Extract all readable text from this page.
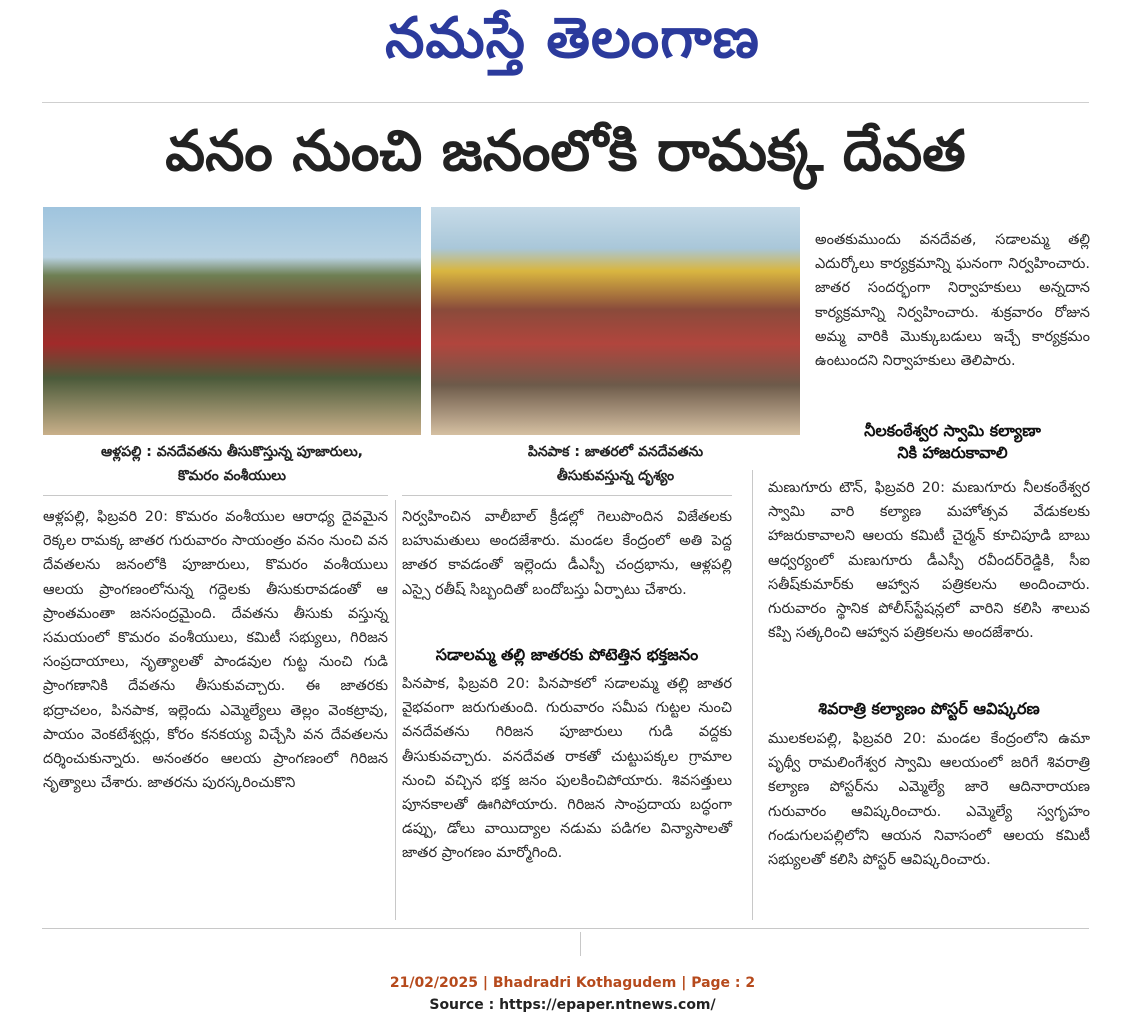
నమస్తే తెలంగాణ
వనం నుంచి జనంలోకి రామక్క దేవత
ఆళ్లపల్లి : వనదేవతను తీసుకొస్తున్న పూజారులు,
కొమరం వంశీయులు
పినపాక : జాతరలో వనదేవతను
తీసుకువస్తున్న దృశ్యం
ఆళ్లపల్లి, ఫిబ్రవరి 20: కొమరం వంశీయుల ఆరాధ్య దైవమైన రెక్కల రామక్క జాతర గురువారం సాయంత్రం వనం నుంచి వన దేవతలను జనంలోకి పూజారులు, కొమరం వంశీయులు ఆలయ ప్రాంగణంలోనున్న గద్దెలకు తీసుకురావడంతో ఆ ప్రాంతమంతా జనసంద్రమైంది. దేవతను తీసుకు వస్తున్న సమయంలో కొమరం వంశీయులు, కమిటీ సభ్యులు, గిరిజన సంప్రదాయాలు, నృత్యాలతో పాండవుల గుట్ట నుంచి గుడి ప్రాంగణానికి దేవతను తీసుకువచ్చారు. ఈ జాతరకు భద్రాచలం, పినపాక, ఇల్లెందు ఎమ్మెల్యేలు తెల్లం వెంకట్రావు, పాయం వెంకటేశ్వర్లు, కోరం కనకయ్య విచ్చేసి వన దేవతలను దర్శించుకున్నారు. అనంతరం ఆలయ ప్రాంగణంలో గిరిజన నృత్యాలు చేశారు. జాతరను పురస్కరించుకొని
నిర్వహించిన వాలీబాల్ క్రీడల్లో గెలుపొందిన విజేతలకు బహుమతులు అందజేశారు. మండల కేంద్రంలో అతి పెద్ద జాతర కావడంతో ఇల్లెందు డీఎస్పీ చంద్రభాను, ఆళ్లపల్లి ఎస్సై రతీష్ సిబ్బందితో బందోబస్తు ఏర్పాటు చేశారు.
సడాలమ్మ తల్లి జాతరకు పోటెత్తిన భక్తజనం
పినపాక, ఫిబ్రవరి 20: పినపాకలో సడాలమ్మ తల్లి జాతర వైభవంగా జరుగుతుంది. గురువారం సమీప గుట్టల నుంచి వనదేవతను గిరిజన పూజారులు గుడి వద్దకు తీసుకువచ్చారు. వనదేవత రాకతో చుట్టుపక్కల గ్రామాల నుంచి వచ్చిన భక్త జనం పులకించిపోయారు. శివసత్తులు పూనకాలతో ఊగిపోయారు. గిరిజన సాంప్రదాయ బద్ధంగా డప్పు, డోలు వాయిద్యాల నడుమ పడిగల విన్యాసాలతో జాతర ప్రాంగణం మార్మోగింది.
అంతకుముందు వనదేవత, సడాలమ్మ తల్లి ఎదుర్కోలు కార్యక్రమాన్ని ఘనంగా నిర్వహించారు. జాతర సందర్భంగా నిర్వాహకులు అన్నదాన కార్యక్రమాన్ని నిర్వహించారు. శుక్రవారం రోజున అమ్మ వారికి మొక్కుబడులు ఇచ్చే కార్యక్రమం ఉంటుందని నిర్వాహకులు తెలిపారు.
నీలకంఠేశ్వర స్వామి కల్యాణా
నికి హాజరుకావాలి
మణుగూరు టౌన్, ఫిబ్రవరి 20: మణుగూరు నీలకంఠేశ్వర స్వామి వారి కల్యాణ మహోత్సవ వేడుకలకు హాజరుకావాలని ఆలయ కమిటీ చైర్మన్ కూచిపూడి బాబు ఆధ్వర్యంలో మణుగూరు డీఎస్పీ రవీందర్‌రెడ్డికి, సీఐ సతీష్‌కుమార్‌కు ఆహ్వాన పత్రికలను అందించారు. గురువారం స్థానిక పోలీస్‌స్టేషన్లలో వారిని కలిసి శాలువ కప్పి సత్కరించి ఆహ్వాన పత్రికలను అందజేశారు.
శివరాత్రి కల్యాణం పోస్టర్ ఆవిష్కరణ
ములకలపల్లి, ఫిబ్రవరి 20: మండల కేంద్రంలోని ఉమా పృథ్వీ రామలింగేశ్వర స్వామి ఆలయంలో జరిగే శివరాత్రి కల్యాణ పోస్టర్‌ను ఎమ్మెల్యే జారె ఆదినారాయణ గురువారం ఆవిష్కరించారు. ఎమ్మెల్యే స్వగృహం గండుగులపల్లిలోని ఆయన నివాసంలో ఆలయ కమిటీ సభ్యులతో కలిసి పోస్టర్ ఆవిష్కరించారు.
21/02/2025 | Bhadradri Kothagudem | Page : 2
Source : https://epaper.ntnews.com/
